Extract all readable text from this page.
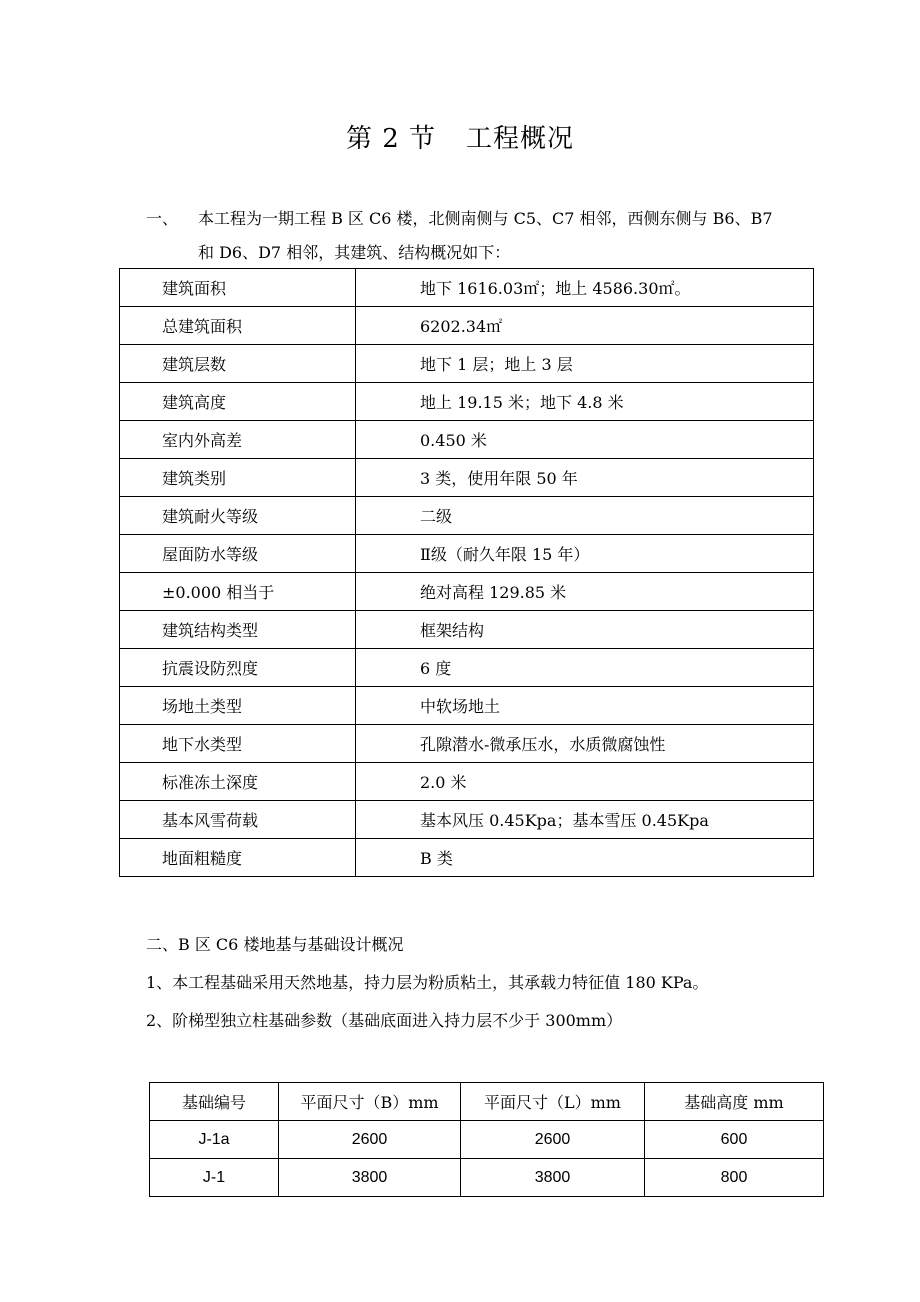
第 2 节 工程概况
一、 本工程为一期工程 B 区 C6 楼，北侧南侧与 C5、C7 相邻，西侧东侧与 B6、B7
和 D6、D7 相邻，其建筑、结构概况如下：
建筑面积	地下 1616.03㎡；地上 4586.30㎡。
总建筑面积	6202.34㎡
建筑层数	地下 1 层；地上 3 层
建筑高度	地上 19.15 米；地下 4.8 米
室内外高差	0.450 米
建筑类别	3 类，使用年限 50 年
建筑耐火等级	二级
屋面防水等级	Ⅱ级（耐久年限 15 年）
±0.000 相当于	绝对高程 129.85 米
建筑结构类型	框架结构
抗震设防烈度	6 度
场地土类型	中软场地土
地下水类型	孔隙潜水-微承压水，水质微腐蚀性
标准冻土深度	2.0 米
基本风雪荷载	基本风压 0.45Kpa；基本雪压 0.45Kpa
地面粗糙度	B 类
二、B 区 C6 楼地基与基础设计概况
1、本工程基础采用天然地基，持力层为粉质粘土，其承载力特征值 180 KPa。
2、阶梯型独立柱基础参数（基础底面进入持力层不少于 300mm）
基础编号	平面尺寸（B）mm	平面尺寸（L）mm	基础高度 mm
J-1a	2600	2600	600
J-1	3800	3800	800
